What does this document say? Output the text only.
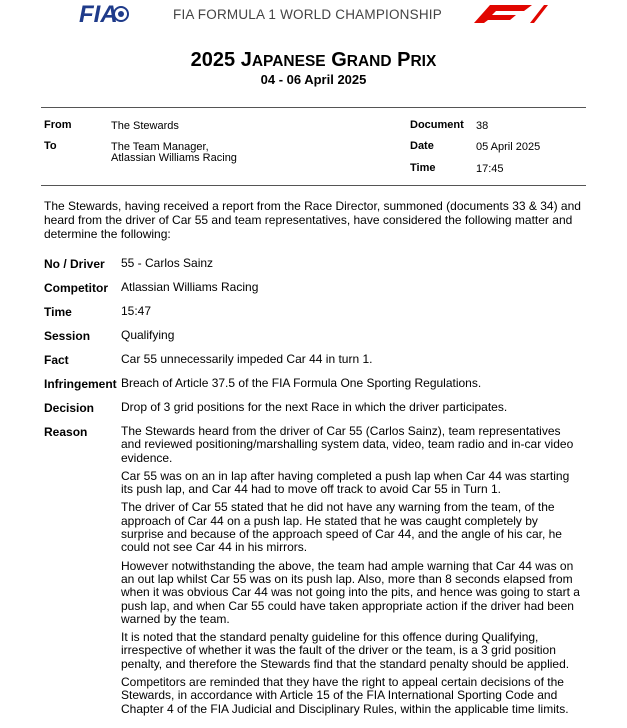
FIA	FIA FORMULA 1 WORLD CHAMPIONSHIP
2025 JAPANESE GRAND PRIX
04 - 06 April 2025
From	The Stewards
To	The Team Manager,
Atlassian Williams Racing
Document 38
Date	05 April 2025
Time	17:45
The Stewards, having received a report from the Race Director, summoned (documents 33 & 34) and heard from the driver of Car 55 and team representatives, have considered the following matter and determine the following:
No / Driver 55 - Carlos Sainz
Competitor Atlassian Williams Racing
Time	15:47
Session	Qualifying
Fact	Car 55 unnecessarily impeded Car 44 in turn 1.
Infringement Breach of Article 37.5 of the FIA Formula One Sporting Regulations.
Decision Drop of 3 grid positions for the next Race in which the driver participates.
Reason	The Stewards heard from the driver of Car 55 (Carlos Sainz), team representatives and reviewed positioning/marshalling system data, video, team radio and in-car video evidence.

Car 55 was on an in lap after having completed a push lap when Car 44 was starting its push lap, and Car 44 had to move off track to avoid Car 55 in Turn 1.

The driver of Car 55 stated that he did not have any warning from the team, of the approach of Car 44 on a push lap. He stated that he was caught completely by surprise and because of the approach speed of Car 44, and the angle of his car, he could not see Car 44 in his mirrors.

However notwithstanding the above, the team had ample warning that Car 44 was on an out lap whilst Car 55 was on its push lap. Also, more than 8 seconds elapsed from when it was obvious Car 44 was not going into the pits, and hence was going to start a push lap, and when Car 55 could have taken appropriate action if the driver had been warned by the team.

It is noted that the standard penalty guideline for this offence during Qualifying, irrespective of whether it was the fault of the driver or the team, is a 3 grid position penalty, and therefore the Stewards find that the standard penalty should be applied.

Competitors are reminded that they have the right to appeal certain decisions of the Stewards, in accordance with Article 15 of the FIA International Sporting Code and Chapter 4 of the FIA Judicial and Disciplinary Rules, within the applicable time limits.
